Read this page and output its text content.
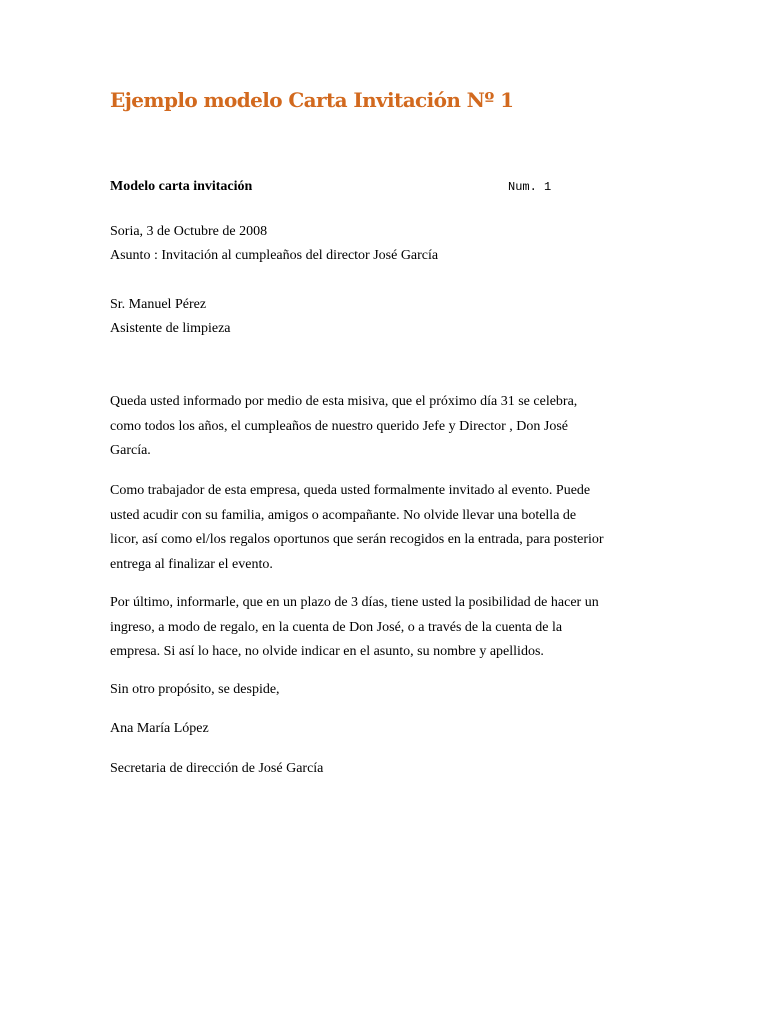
Ejemplo modelo Carta Invitación Nº 1
Modelo carta invitación	Num. 1

Soria, 3 de Octubre de 2008

Asunto : Invitación al cumpleaños del director José García

Sr. Manuel Pérez

Asistente de limpieza

Queda usted informado por medio de esta misiva, que el próximo día 31 se celebra,
como todos los años, el cumpleaños de nuestro querido Jefe y Director , Don José
García.
Como trabajador de esta empresa, queda usted formalmente invitado al evento. Puede
usted acudir con su familia, amigos o acompañante. No olvide llevar una botella de
licor, así como el/los regalos oportunos que serán recogidos en la entrada, para posterior
entrega al finalizar el evento.
Por último, informarle, que en un plazo de 3 días, tiene usted la posibilidad de hacer un
ingreso, a modo de regalo, en la cuenta de Don José, o a través de la cuenta de la
empresa. Si así lo hace, no olvide indicar en el asunto, su nombre y apellidos.

Sin otro propósito, se despide,

Ana María López

Secretaria de dirección de José García
